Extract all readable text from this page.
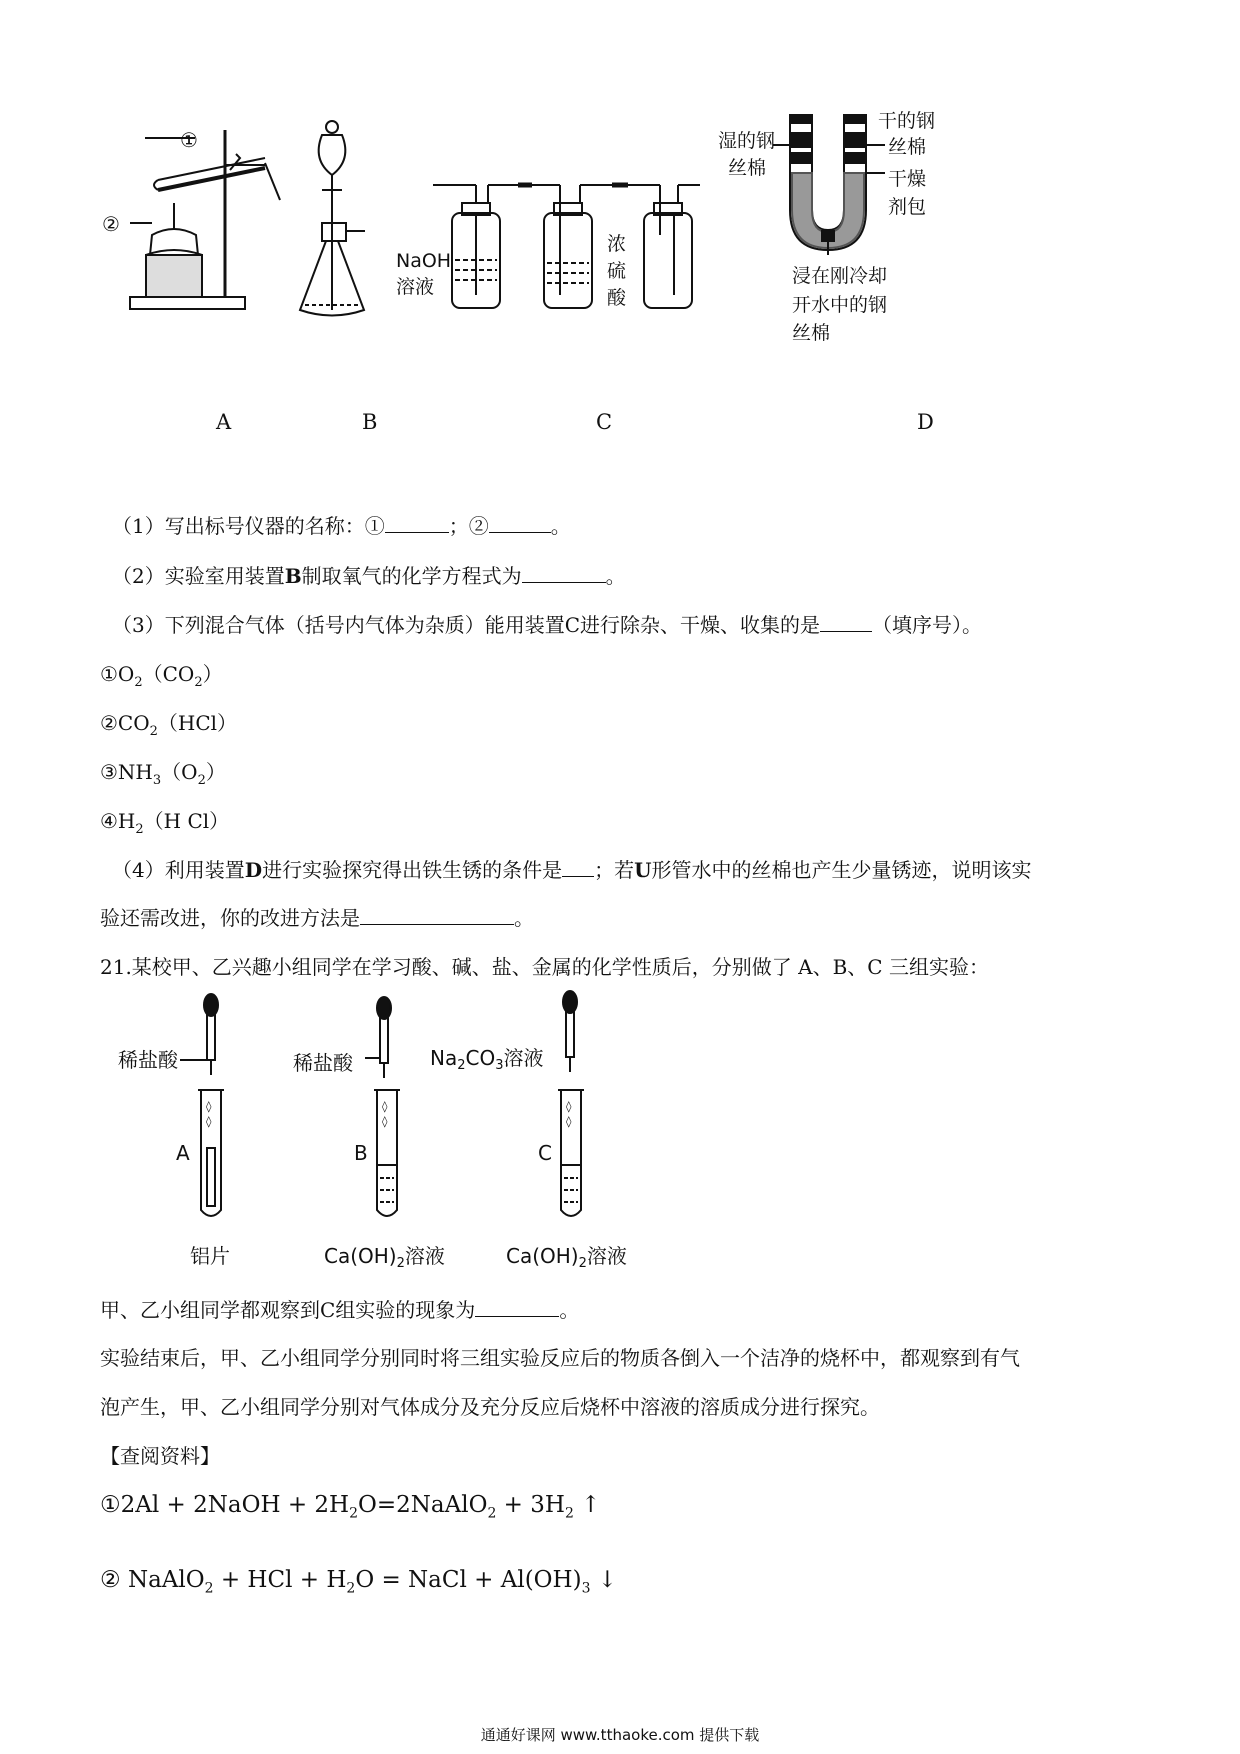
①
②
NaOH
溶液
浓
硫
酸
湿的钢
丝棉
干的钢
丝棉
干燥
剂包
浸在刚冷却
开水中的钢
丝棉
A	B	C	D
（1）写出标号仪器的名称：①	；②	。
（2）实验室用装置B制取氧气的化学方程式为	。
（3）下列混合气体（括号内气体为杂质）能用装置C进行除杂、干燥、收集的是	（填序号）。
$①O_2(CO_2)$
$②CO_2(HCl)$
$③NH_3(O_2)$
$④H_2(H$ Cl）
（4）利用装置D进行实验探究得出铁生锈的条件是 ；若U形管水中的丝棉也产生少量锈迹，说明该实
验还需改进，你的改进方法是	。
21.某校甲、乙兴趣小组同学在学习酸、碱、盐、金属的化学性质后，分别做了 A、B、C 三组实验：
◊
◊
◊
◊
◊
◊
稀盐酸	稀盐酸	$Na_2CO_3$溶液
A	B	C
铝片	$Ca(OH)_2$溶液	$Ca(OH)_2$溶液
甲、乙小组同学都观察到C组实验的现象为	。
实验结束后，甲、乙小组同学分别同时将三组实验反应后的物质各倒入一个洁净的烧杯中，都观察到有气
泡产生，甲、乙小组同学分别对气体成分及充分反应后烧杯中溶液的溶质成分进行探究。
【查阅资料】
①2Al + 2NaOH + $2H_2O=2NaAlO_2 + 3H_2$ ↑
② NaAlO$_2$ + HCl + $H_2O$ = NaCl + $Al(OH)_3$ ↓
通通好课网 www.tthaoke.com 提供下载
